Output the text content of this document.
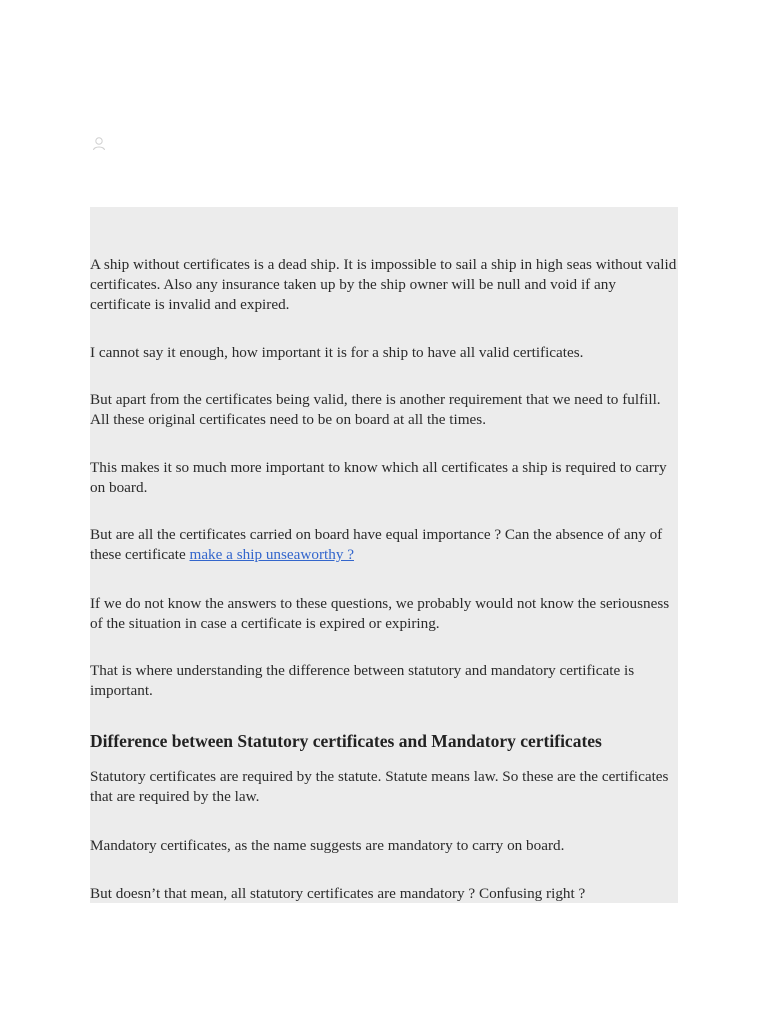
A ship without certificates is a dead ship. It is impossible to sail a ship in high seas without valid certificates. Also any insurance taken up by the ship owner will be null and void if any certificate is invalid and expired.

I cannot say it enough, how important it is for a ship to have all valid certificates.

But apart from the certificates being valid, there is another requirement that we need to fulfill. All these original certificates need to be on board at all the times.

This makes it so much more important to know which all certificates a ship is required to carry on board.

But are all the certificates carried on board have equal importance ? Can the absence of any of these certificate make a ship unseaworthy ?

If we do not know the answers to these questions, we probably would not know the seriousness of the situation in case a certificate is expired or expiring.

That is where understanding the difference between statutory and mandatory certificate is important.

Difference between Statutory certificates and Mandatory certificates

Statutory certificates are required by the statute. Statute means law. So these are the certificates that are required by the law.

Mandatory certificates, as the name suggests are mandatory to carry on board.

But doesn’t that mean, all statutory certificates are mandatory ? Confusing right ?
